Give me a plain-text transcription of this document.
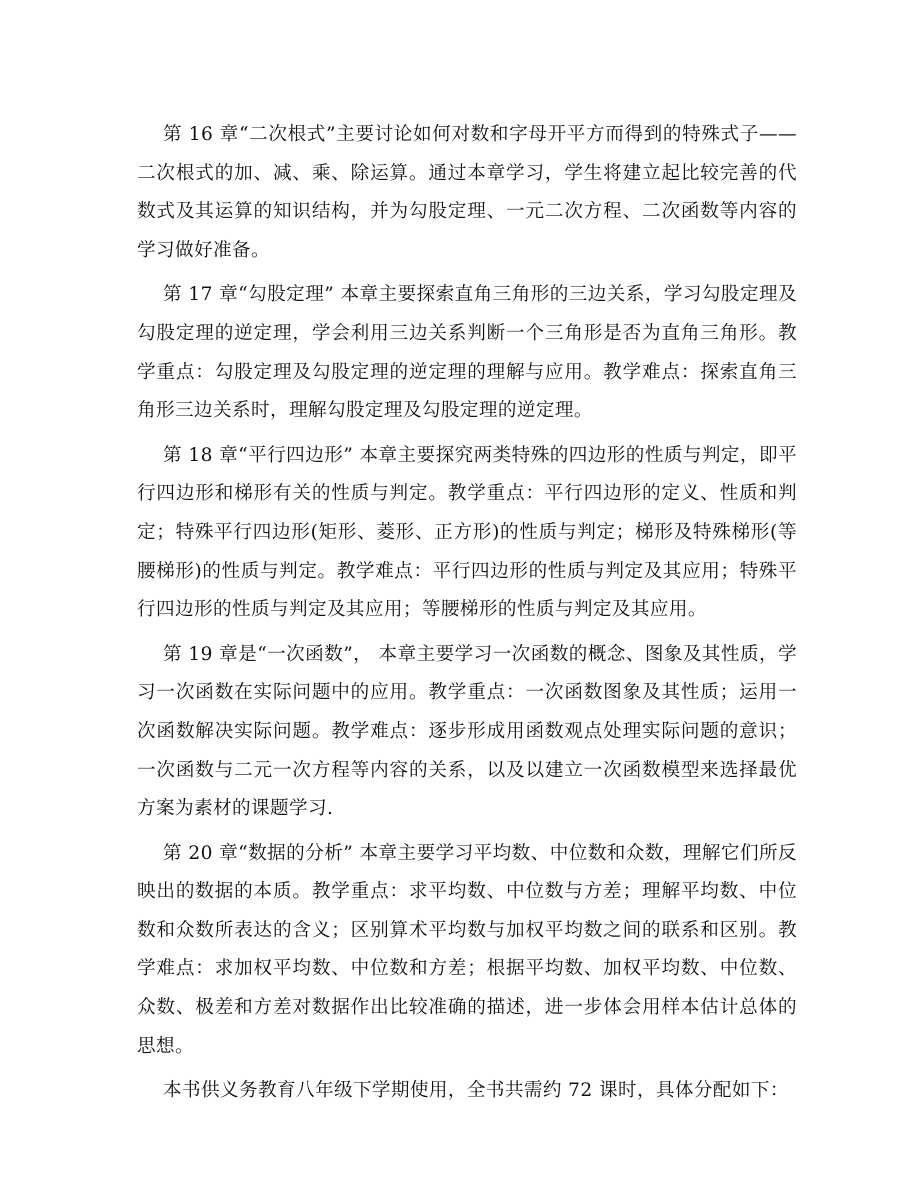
第 16 章“二次根式”主要讨论如何对数和字母开平方而得到的特殊式子——二次根式的加、减、乘、除运算。通过本章学习，学生将建立起比较完善的代数式及其运算的知识结构，并为勾股定理、一元二次方程、二次函数等内容的学习做好准备。

第 17 章“勾股定理” 本章主要探索直角三角形的三边关系，学习勾股定理及勾股定理的逆定理，学会利用三边关系判断一个三角形是否为直角三角形。教学重点：勾股定理及勾股定理的逆定理的理解与应用。教学难点：探索直角三角形三边关系时，理解勾股定理及勾股定理的逆定理。

第 18 章“平行四边形” 本章主要探究两类特殊的四边形的性质与判定，即平行四边形和梯形有关的性质与判定。教学重点：平行四边形的定义、性质和判定；特殊平行四边形(矩形、菱形、正方形)的性质与判定；梯形及特殊梯形(等腰梯形)的性质与判定。教学难点：平行四边形的性质与判定及其应用；特殊平行四边形的性质与判定及其应用；等腰梯形的性质与判定及其应用。

第 19 章是“一次函数”， 本章主要学习一次函数的概念、图象及其性质，学习一次函数在实际问题中的应用。教学重点：一次函数图象及其性质；运用一次函数解决实际问题。教学难点：逐步形成用函数观点处理实际问题的意识；一次函数与二元一次方程等内容的关系，以及以建立一次函数模型来选择最优方案为素材的课题学习.

第 20 章“数据的分析” 本章主要学习平均数、中位数和众数，理解它们所反映出的数据的本质。教学重点：求平均数、中位数与方差；理解平均数、中位数和众数所表达的含义；区别算术平均数与加权平均数之间的联系和区别。教学难点：求加权平均数、中位数和方差；根据平均数、加权平均数、中位数、众数、极差和方差对数据作出比较准确的描述，进一步体会用样本估计总体的思想。

本书供义务教育八年级下学期使用，全书共需约 72 课时，具体分配如下：
